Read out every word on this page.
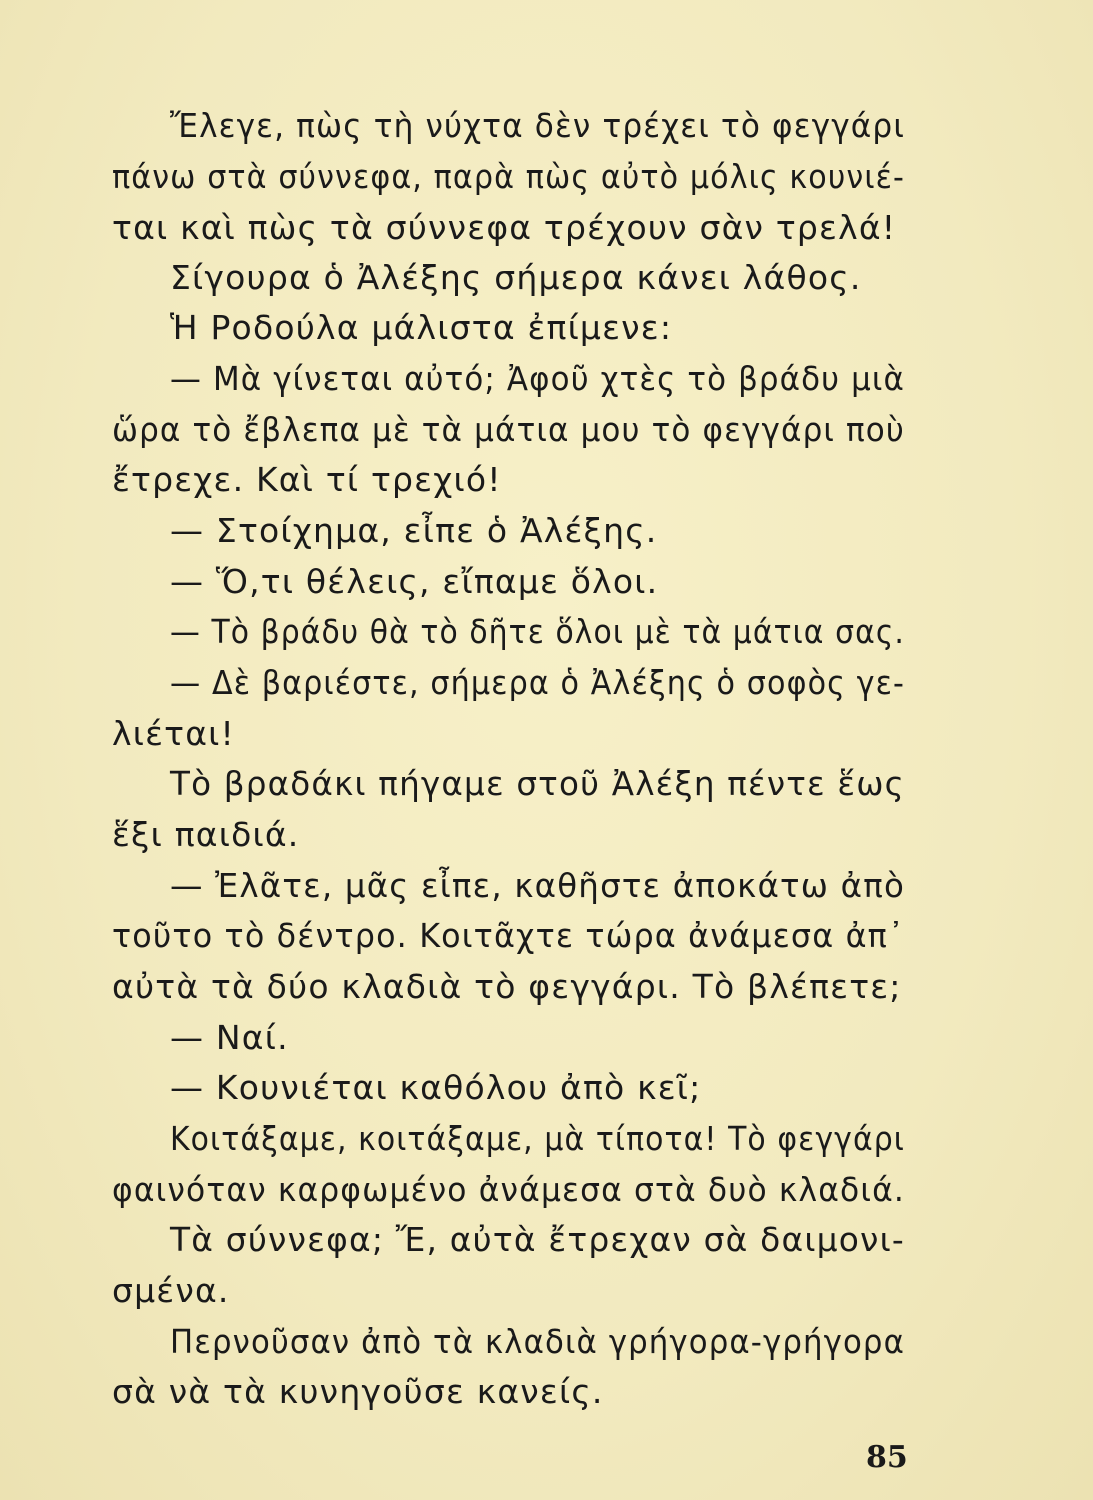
Ἔλεγε, πὼς τὴ νύχτα δὲν τρέχει τὸ φεγγάρι
πάνω στὰ σύννεφα, παρὰ πὼς αὐτὸ μόλις κουνιέ-
ται καὶ πὼς τὰ σύννεφα τρέχουν σὰν τρελά!
Σίγουρα ὁ Ἀλέξης σήμερα κάνει λάθος.
Ἡ Ροδούλα μάλιστα ἐπίμενε:
— Μὰ γίνεται αὐτό; Ἀφοῦ χτὲς τὸ βράδυ μιὰ
ὥρα τὸ ἔβλεπα μὲ τὰ μάτια μου τὸ φεγγάρι ποὺ
ἔτρεχε. Καὶ τί τρεχιό!
— Στοίχημα, εἶπε ὁ Ἀλέξης.
— Ὅ,τι θέλεις, εἴπαμε ὅλοι.
— Τὸ βράδυ θὰ τὸ δῆτε ὅλοι μὲ τὰ μάτια σας.
— Δὲ βαριέστε, σήμερα ὁ Ἀλέξης ὁ σοφὸς γε-
λιέται!
Τὸ βραδάκι πήγαμε στοῦ Ἀλέξη πέντε ἕως
ἕξι παιδιά.
— Ἐλᾶτε, μᾶς εἶπε, καθῆστε ἀποκάτω ἀπὸ
τοῦτο τὸ δέντρο. Κοιτᾶχτε τώρα ἀνάμεσα ἀπ᾿
αὐτὰ τὰ δύο κλαδιὰ τὸ φεγγάρι. Τὸ βλέπετε;
— Ναί.
— Κουνιέται καθόλου ἀπὸ κεῖ;
Κοιτάξαμε, κοιτάξαμε, μὰ τίποτα! Τὸ φεγγάρι
φαινόταν καρφωμένο ἀνάμεσα στὰ δυὸ κλαδιά.
Τὰ σύννεφα; Ἔ, αὐτὰ ἔτρεχαν σὰ δαιμονι-
σμένα.
Περνοῦσαν ἀπὸ τὰ κλαδιὰ γρήγορα-γρήγορα
σὰ νὰ τὰ κυνηγοῦσε κανείς.
85
